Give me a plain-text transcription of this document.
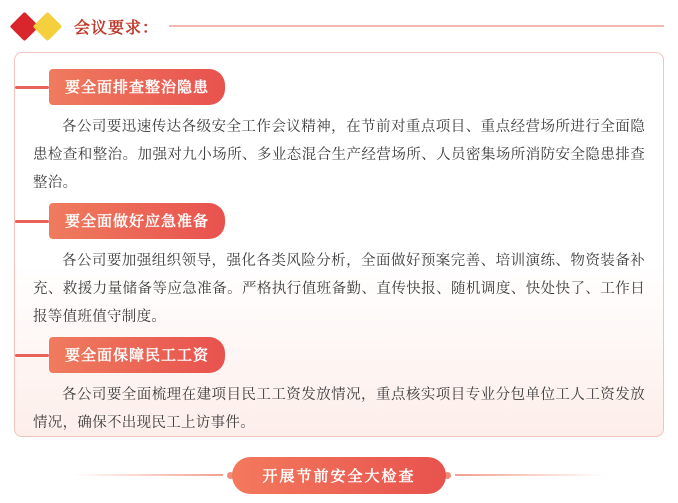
会议要求：
要全面排查整治隐患

各公司要迅速传达各级安全工作会议精神，在节前对重点项目、重点经营场所进行全面隐患检查和整治。加强对九小场所、多业态混合生产经营场所、人员密集场所消防安全隐患排查整治。

要全面做好应急准备

各公司要加强组织领导，强化各类风险分析，全面做好预案完善、培训演练、物资装备补充、救援力量储备等应急准备。严格执行值班备勤、直传快报、随机调度、快处快了、工作日报等值班值守制度。

要全面保障民工工资

各公司要全面梳理在建项目民工工资发放情况，重点核实项目专业分包单位工人工资发放情况，确保不出现民工上访事件。

开展节前安全大检查
